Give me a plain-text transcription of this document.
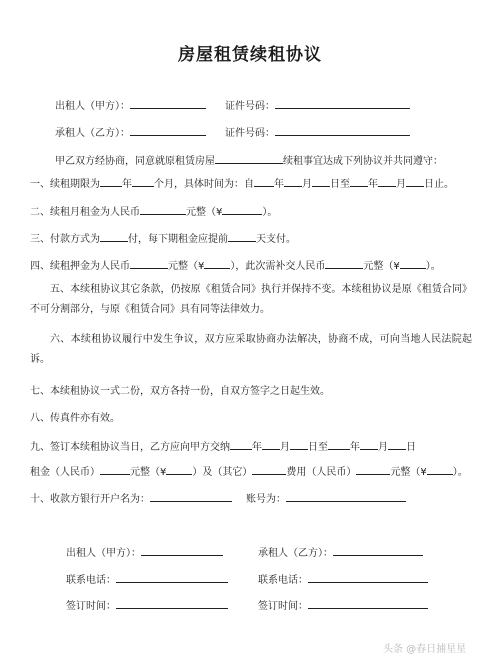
房屋租赁续租协议
出租人（甲方）：	证件号码：
承租人（乙方）：	证件号码：
甲乙双方经协商，同意就原租赁房屋	续租事宜达成下列协议并共同遵守：
一、续租期限为 年 个月，具体时间为：自 年 月 日至 年 月 日止。
二、续租月租金为人民币	元整（¥	）。
三、付款方式为	付，每下期租金应提前	天支付。
四、续租押金为人民币	元整（¥	），此次需补交人民币	元整（¥	）。
五、本续租协议其它条款，仍按原《租赁合同》执行并保持不变。本续租协议是原《租赁合同》不可分割部分，与原《租赁合同》具有同等法律效力。
六、本续租协议履行中发生争议，双方应采取协商办法解决，协商不成，可向当地人民法院起诉。
七、本续租协议一式二份，双方各持一份，自双方签字之日起生效。
八、传真件亦有效。
九、签订本续租协议当日，乙方应向甲方交纳 年 月 日至 年 月 日
租金（人民币）	元整（¥	）及（其它）	费用（人民币）	元整（¥	）。
十、收款方银行开户名为：	账号为：
出租人（甲方）：	承租人（乙方）：
联系电话：	联系电话：
签订时间：	签订时间：
头条 @春日捕星星
